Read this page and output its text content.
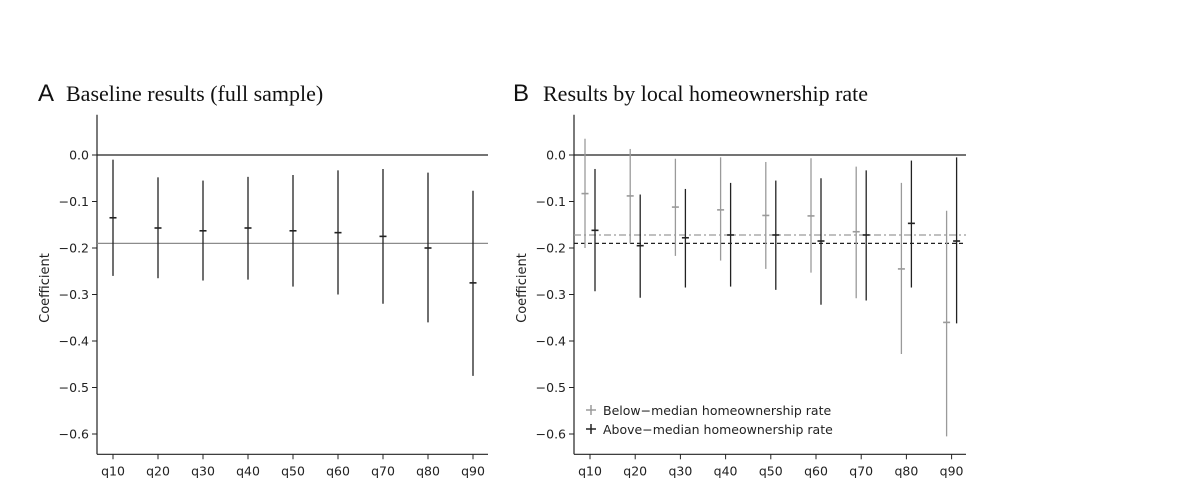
A Baseline results (full sample)
Coefficient
0.0
−0.1
−0.2
−0.3
−0.4
−0.5
−0.6
q10 q20 q30 q40 q50 q60 q70 q80 q90
B Results by local homeownership rate
Coefficient
0.0
−0.1
−0.2
−0.3
−0.4
−0.5
−0.6
q10 q20 q30 q40 q50 q60 q70 q80 q90
Below−median homeownership rate
Above−median homeownership rate
